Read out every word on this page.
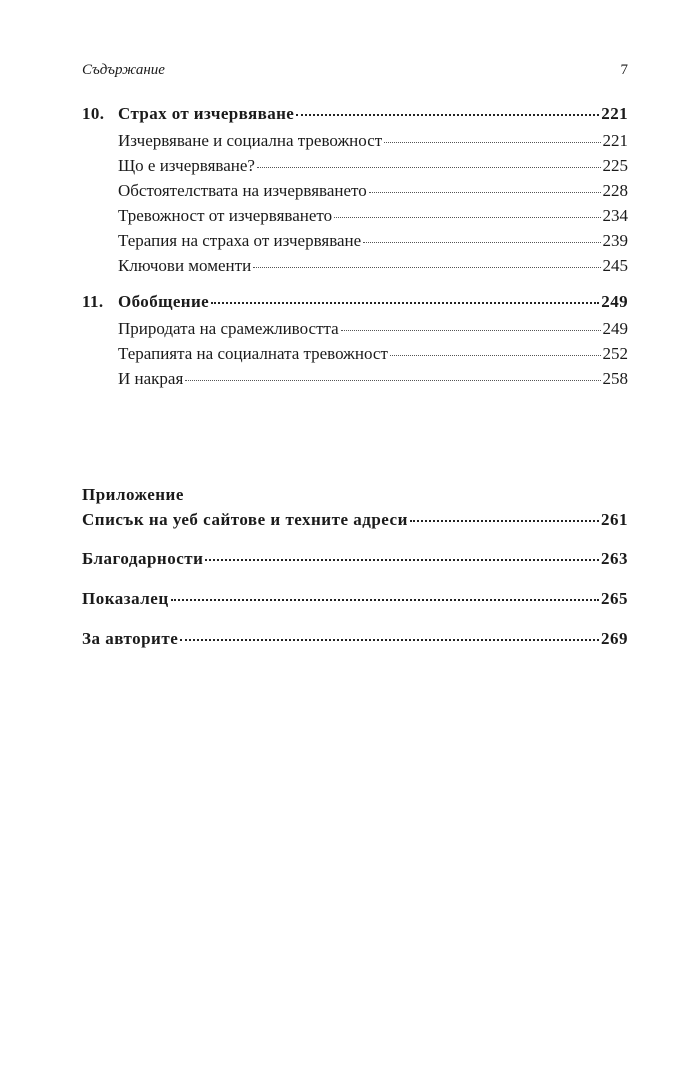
Съдържание	7
10. Страх от изчервяване	221
Изчервяване и социална тревожност	221
Що е изчервяване?	225
Обстоятелствата на изчервяването	228
Тревожност от изчервяването	234
Терапия на страха от изчервяване	239
Ключови моменти	245
11. Обобщение	249
Природата на срамежливостта	249
Терапията на социалната тревожност	252
И накрая	258
Приложение
Списък на уеб сайтове и техните адреси	261
Благодарности	263
Показалец	265
За авторите	269
